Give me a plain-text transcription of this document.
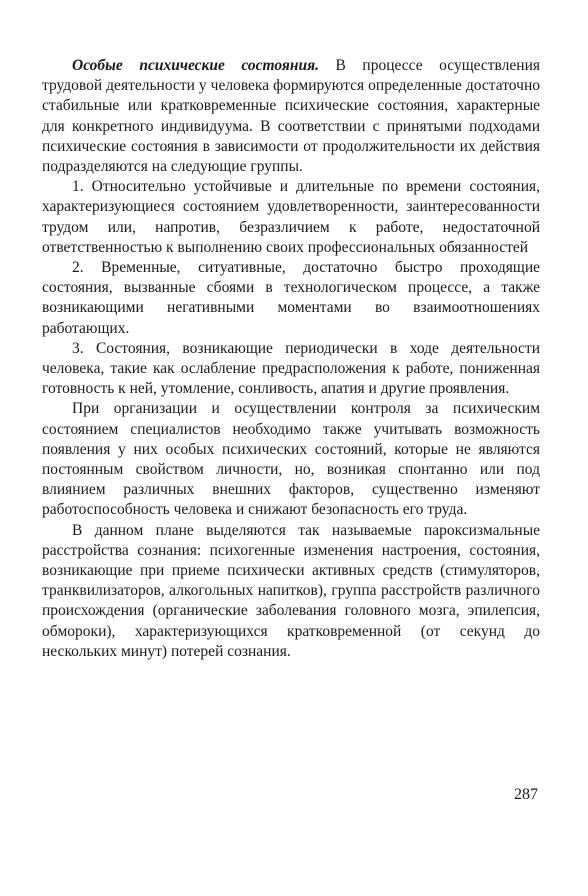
Особые психические состояния. В процессе осуществления трудовой деятельности у человека формируются определенные достаточно стабильные или кратковременные психические состояния, характерные для конкретного индивидуума. В соответствии с принятыми подходами психические состояния в зависимости от продолжительности их действия подразделяются на следующие группы.

1. Относительно устойчивые и длительные по времени состояния, характеризующиеся состоянием удовлетворенности, заинтересованности трудом или, напротив, безразличием к работе, недостаточной ответственностью к выполнению своих профессиональных обязанностей

2. Временные, ситуативные, достаточно быстро проходящие состояния, вызванные сбоями в технологическом процессе, а также возникающими негативными моментами во взаимоотношениях работающих.

3. Состояния, возникающие периодически в ходе деятельности человека, такие как ослабление предрасположения к работе, пониженная готовность к ней, утомление, сонливость, апатия и другие проявления.

При организации и осуществлении контроля за психическим состоянием специалистов необходимо также учитывать возможность появления у них особых психических состояний, которые не являются постоянным свойством личности, но, возникая спонтанно или под влиянием различных внешних факторов, существенно изменяют работоспособность человека и снижают безопасность его труда.

В данном плане выделяются так называемые пароксизмальные расстройства сознания: психогенные изменения настроения, состояния, возникающие при приеме психически активных средств (стимуляторов, транквилизаторов, алкогольных напитков), группа расстройств различного происхождения (органические заболевания головного мозга, эпилепсия, обмороки), характеризующихся кратковременной (от секунд до нескольких минут) потерей сознания.

287
